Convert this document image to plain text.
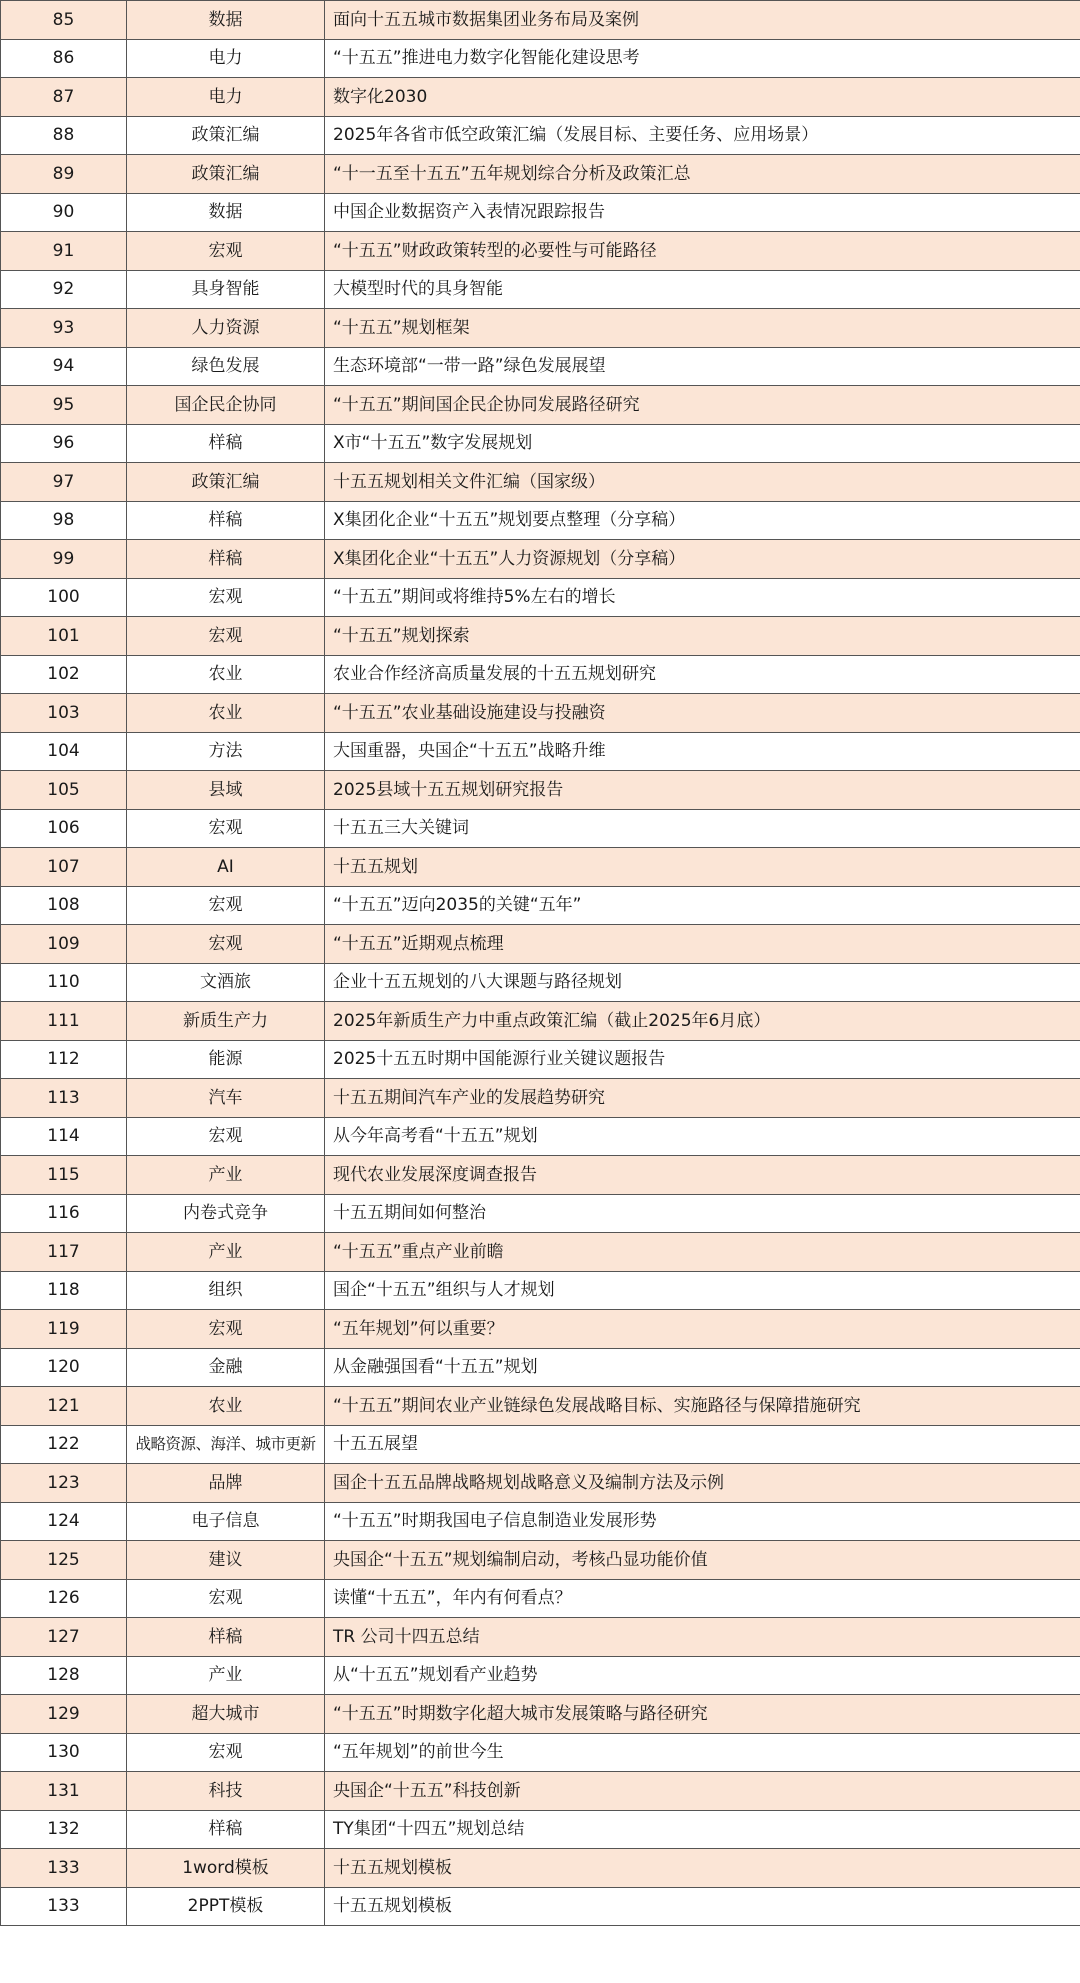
85	数据	面向十五五城市数据集团业务布局及案例
86	电力	“十五五”推进电力数字化智能化建设思考
87	电力	数字化2030
88	政策汇编	2025年各省市低空政策汇编（发展目标、主要任务、应用场景）
89	政策汇编	“十一五至十五五”五年规划综合分析及政策汇总
90	数据	中国企业数据资产入表情况跟踪报告
91	宏观	“十五五”财政政策转型的必要性与可能路径
92	具身智能	大模型时代的具身智能
93	人力资源	“十五五”规划框架
94	绿色发展	生态环境部“一带一路”绿色发展展望
95	国企民企协同	“十五五”期间国企民企协同发展路径研究
96	样稿	X市“十五五”数字发展规划
97	政策汇编	十五五规划相关文件汇编（国家级）
98	样稿	X集团化企业“十五五”规划要点整理（分享稿）
99	样稿	X集团化企业“十五五”人力资源规划（分享稿）
100	宏观	“十五五”期间或将维持5%左右的增长
101	宏观	“十五五”规划探索
102	农业	农业合作经济高质量发展的十五五规划研究
103	农业	“十五五”农业基础设施建设与投融资
104	方法	大国重器，央国企“十五五”战略升维
105	县域	2025县域十五五规划研究报告
106	宏观	十五五三大关键词
107	AI	十五五规划
108	宏观	“十五五”迈向2035的关键“五年”
109	宏观	“十五五”近期观点梳理
110	文酒旅	企业十五五规划的八大课题与路径规划
111	新质生产力	2025年新质生产力中重点政策汇编（截止2025年6月底）
112	能源	2025十五五时期中国能源行业关键议题报告
113	汽车	十五五期间汽车产业的发展趋势研究
114	宏观	从今年高考看“十五五”规划
115	产业	现代农业发展深度调查报告
116	内卷式竞争	十五五期间如何整治
117	产业	“十五五”重点产业前瞻
118	组织	国企“十五五”组织与人才规划
119	宏观	“五年规划”何以重要？
120	金融	从金融强国看“十五五”规划
121	农业	“十五五”期间农业产业链绿色发展战略目标、实施路径与保障措施研究
122	战略资源、海洋、城市更新	十五五展望
123	品牌	国企十五五品牌战略规划战略意义及编制方法及示例
124	电子信息	“十五五”时期我国电子信息制造业发展形势
125	建议	央国企“十五五”规划编制启动，考核凸显功能价值
126	宏观	读懂“十五五”，年内有何看点？
127	样稿	TR 公司十四五总结
128	产业	从“十五五”规划看产业趋势
129	超大城市	“十五五”时期数字化超大城市发展策略与路径研究
130	宏观	“五年规划”的前世今生
131	科技	央国企“十五五”科技创新
132	样稿	TY集团“十四五”规划总结
133	1word模板	十五五规划模板
133	2PPT模板	十五五规划模板
